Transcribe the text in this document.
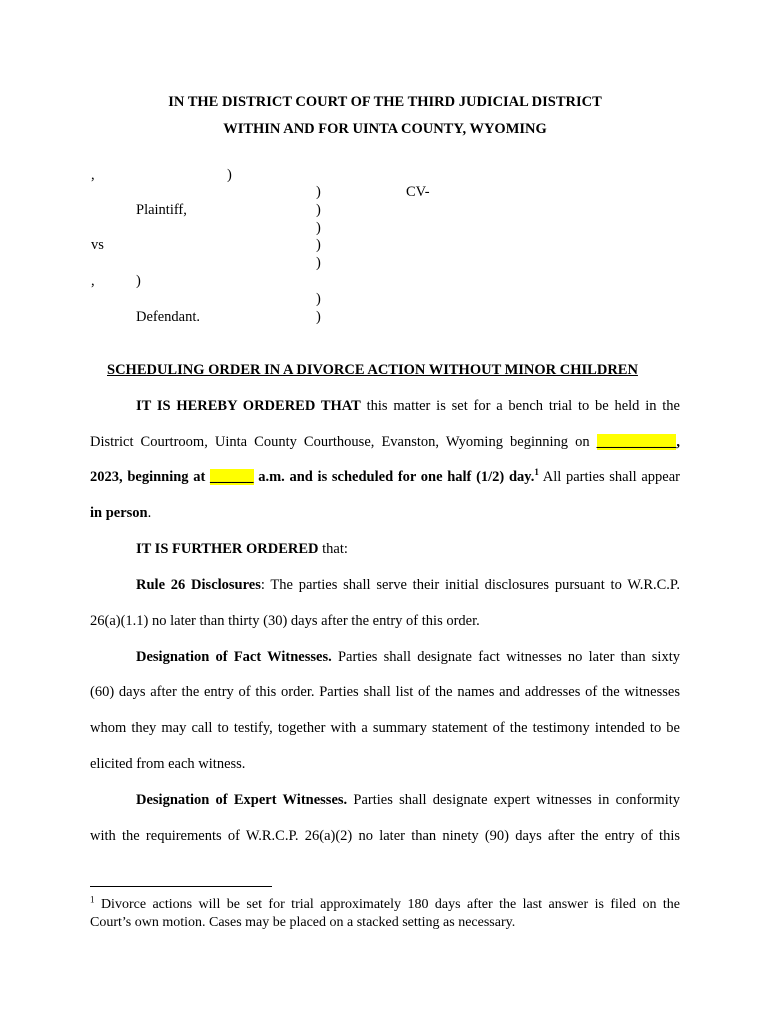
IN THE DISTRICT COURT OF THE THIRD JUDICIAL DISTRICT
WITHIN AND FOR UINTA COUNTY, WYOMING
,	)
)	CV-
Plaintiff,	)
)
vs	)
)
,	)
)
Defendant.	)
SCHEDULING ORDER IN A DIVORCE ACTION WITHOUT MINOR CHILDREN
IT IS HEREBY ORDERED THAT this matter is set for a bench trial to be held in the
District Courtroom, Uinta County Courthouse, Evanston, Wyoming beginning on ___________,
2023, beginning at ______ a.m. and is scheduled for one half (1/2) day.$^1$ All parties shall appear
in person.
IT IS FURTHER ORDERED that:
Rule 26 Disclosures: The parties shall serve their initial disclosures pursuant to W.R.C.P.
26(a)(1.1) no later than thirty (30) days after the entry of this order.
Designation of Fact Witnesses. Parties shall designate fact witnesses no later than sixty
(60) days after the entry of this order. Parties shall list of the names and addresses of the witnesses
whom they may call to testify, together with a summary statement of the testimony intended to be
elicited from each witness.
Designation of Expert Witnesses. Parties shall designate expert witnesses in conformity
with the requirements of W.R.C.P. 26(a)(2) no later than ninety (90) days after the entry of this
$^1$ Divorce actions will be set for trial approximately 180 days after the last answer is filed on the
Court’s own motion. Cases may be placed on a stacked setting as necessary.
